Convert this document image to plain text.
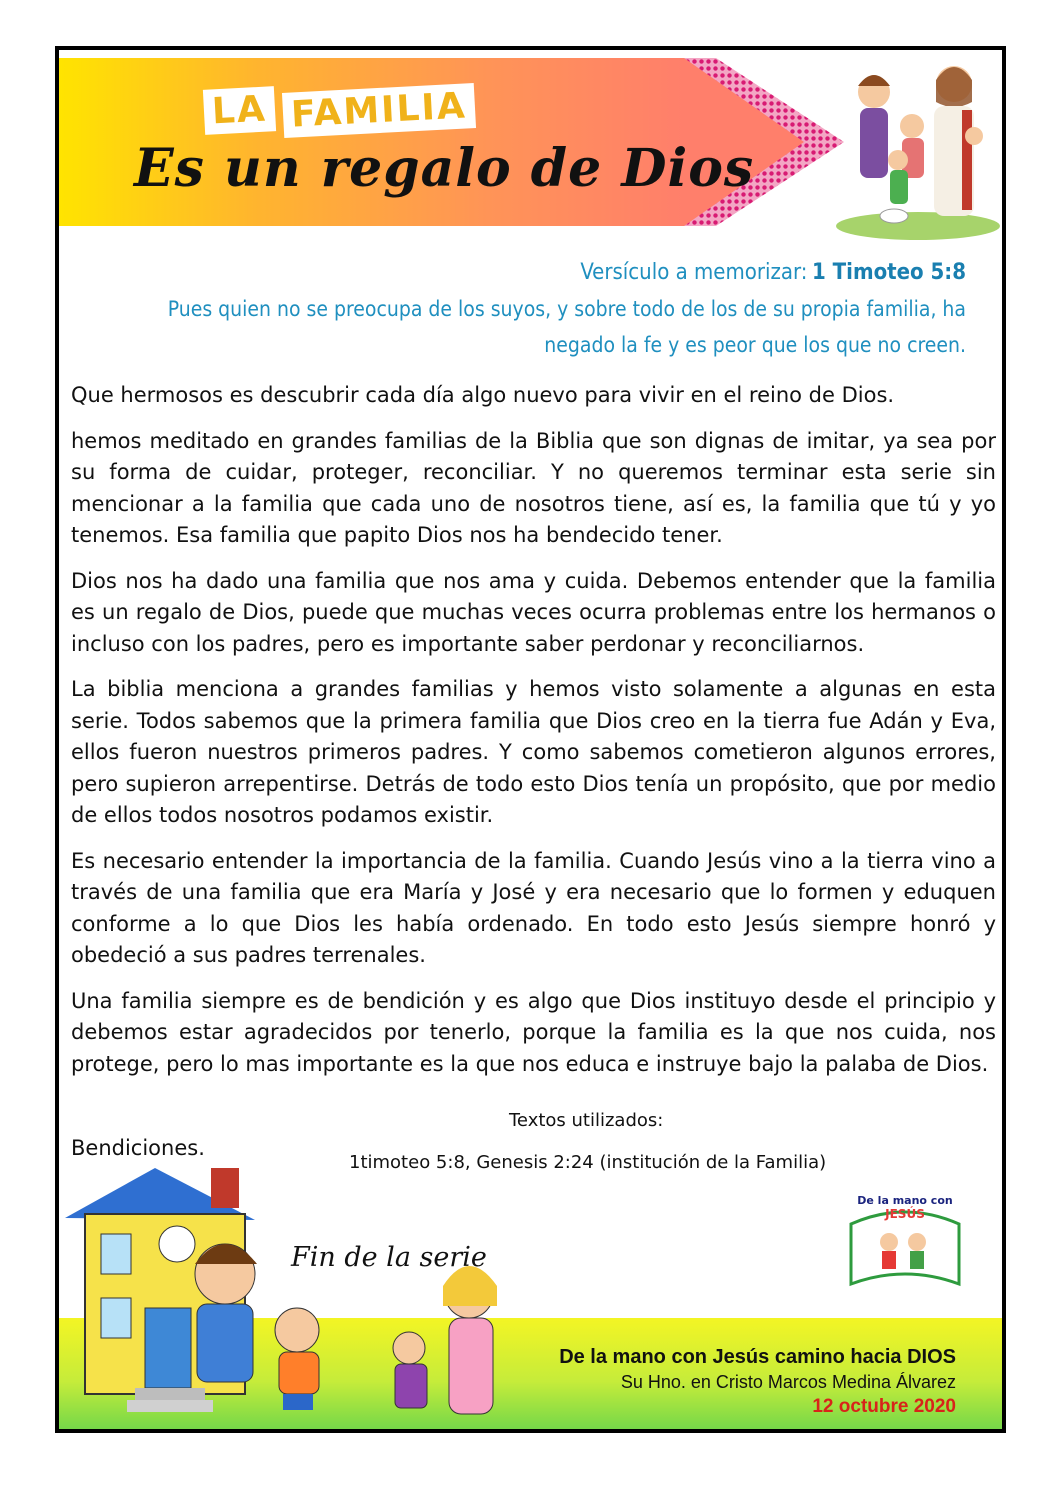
LA FAMILIA
Es un regalo de Dios
Versículo a memorizar: 1 Timoteo 5:8

Pues quien no se preocupa de los suyos, y sobre todo de los de su propia familia, ha
negado la fe y es peor que los que no creen.

Que hermosos es descubrir cada día algo nuevo para vivir en el reino de Dios.

hemos meditado en grandes familias de la Biblia que son dignas de imitar, ya sea por su forma de cuidar, proteger, reconciliar. Y no queremos terminar esta serie sin mencionar a la familia que cada uno de nosotros tiene, así es, la familia que tú y yo tenemos. Esa familia que papito Dios nos ha bendecido tener.

Dios nos ha dado una familia que nos ama y cuida. Debemos entender que la familia es un regalo de Dios, puede que muchas veces ocurra problemas entre los hermanos o incluso con los padres, pero es importante saber perdonar y reconciliarnos.

La biblia menciona a grandes familias y hemos visto solamente a algunas en esta serie. Todos sabemos que la primera familia que Dios creo en la tierra fue Adán y Eva, ellos fueron nuestros primeros padres. Y como sabemos cometieron algunos errores, pero supieron arrepentirse. Detrás de todo esto Dios tenía un propósito, que por medio de ellos todos nosotros podamos existir.

Es necesario entender la importancia de la familia. Cuando Jesús vino a la tierra vino a través de una familia que era María y José y era necesario que lo formen y eduquen conforme a lo que Dios les había ordenado. En todo esto Jesús siempre honró y obedeció a sus padres terrenales.

Una familia siempre es de bendición y es algo que Dios instituyo desde el principio y debemos estar agradecidos por tenerlo, porque la familia es la que nos cuida, nos protege, pero lo mas importante es la que nos educa e instruye bajo la palaba de Dios.

Textos utilizados:
Bendiciones.
1timoteo 5:8, Genesis 2:24 (institución de la Familia)
Fin de la serie
De la mano con
JESÚS
De la mano con Jesús camino hacia DIOS
Su Hno. en Cristo Marcos Medina Álvarez
12 octubre 2020
